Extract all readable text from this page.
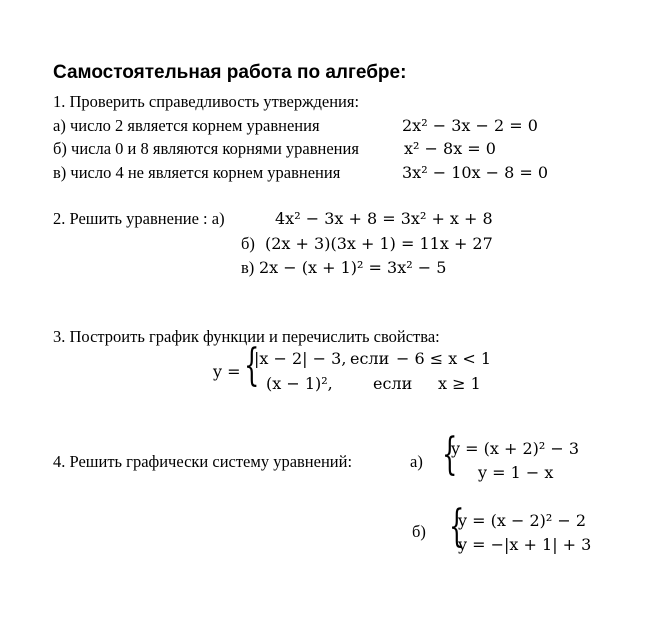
Самостоятельная работа по алгебре:
1. Проверить справедливость утверждения:
а) число 2 является корнем уравнения	2x² − 3x − 2 = 0
б) числа 0 и 8 являются корнями уравнения	x² − 8x = 0
в) число 4 не является корнем уравнения	3x² − 10x − 8 = 0
2. Решить уравнение : а)	4x² − 3x + 8 = 3x² + x + 8
б) (2x + 3)(3x + 1) = 11x + 27
в) 2x − (x + 1)² = 3x² − 5
3. Построить график функции и перечислить свойства:
y = {
|x − 2| − 3, если − 6 ≤ x < 1
(x − 1)²,	если x ≥ 1
4. Решить графически систему уравнений:	а) {
y = (x + 2)² − 3
y = 1 − x
б) {
y = (x − 2)² − 2
y = −|x + 1| + 3
